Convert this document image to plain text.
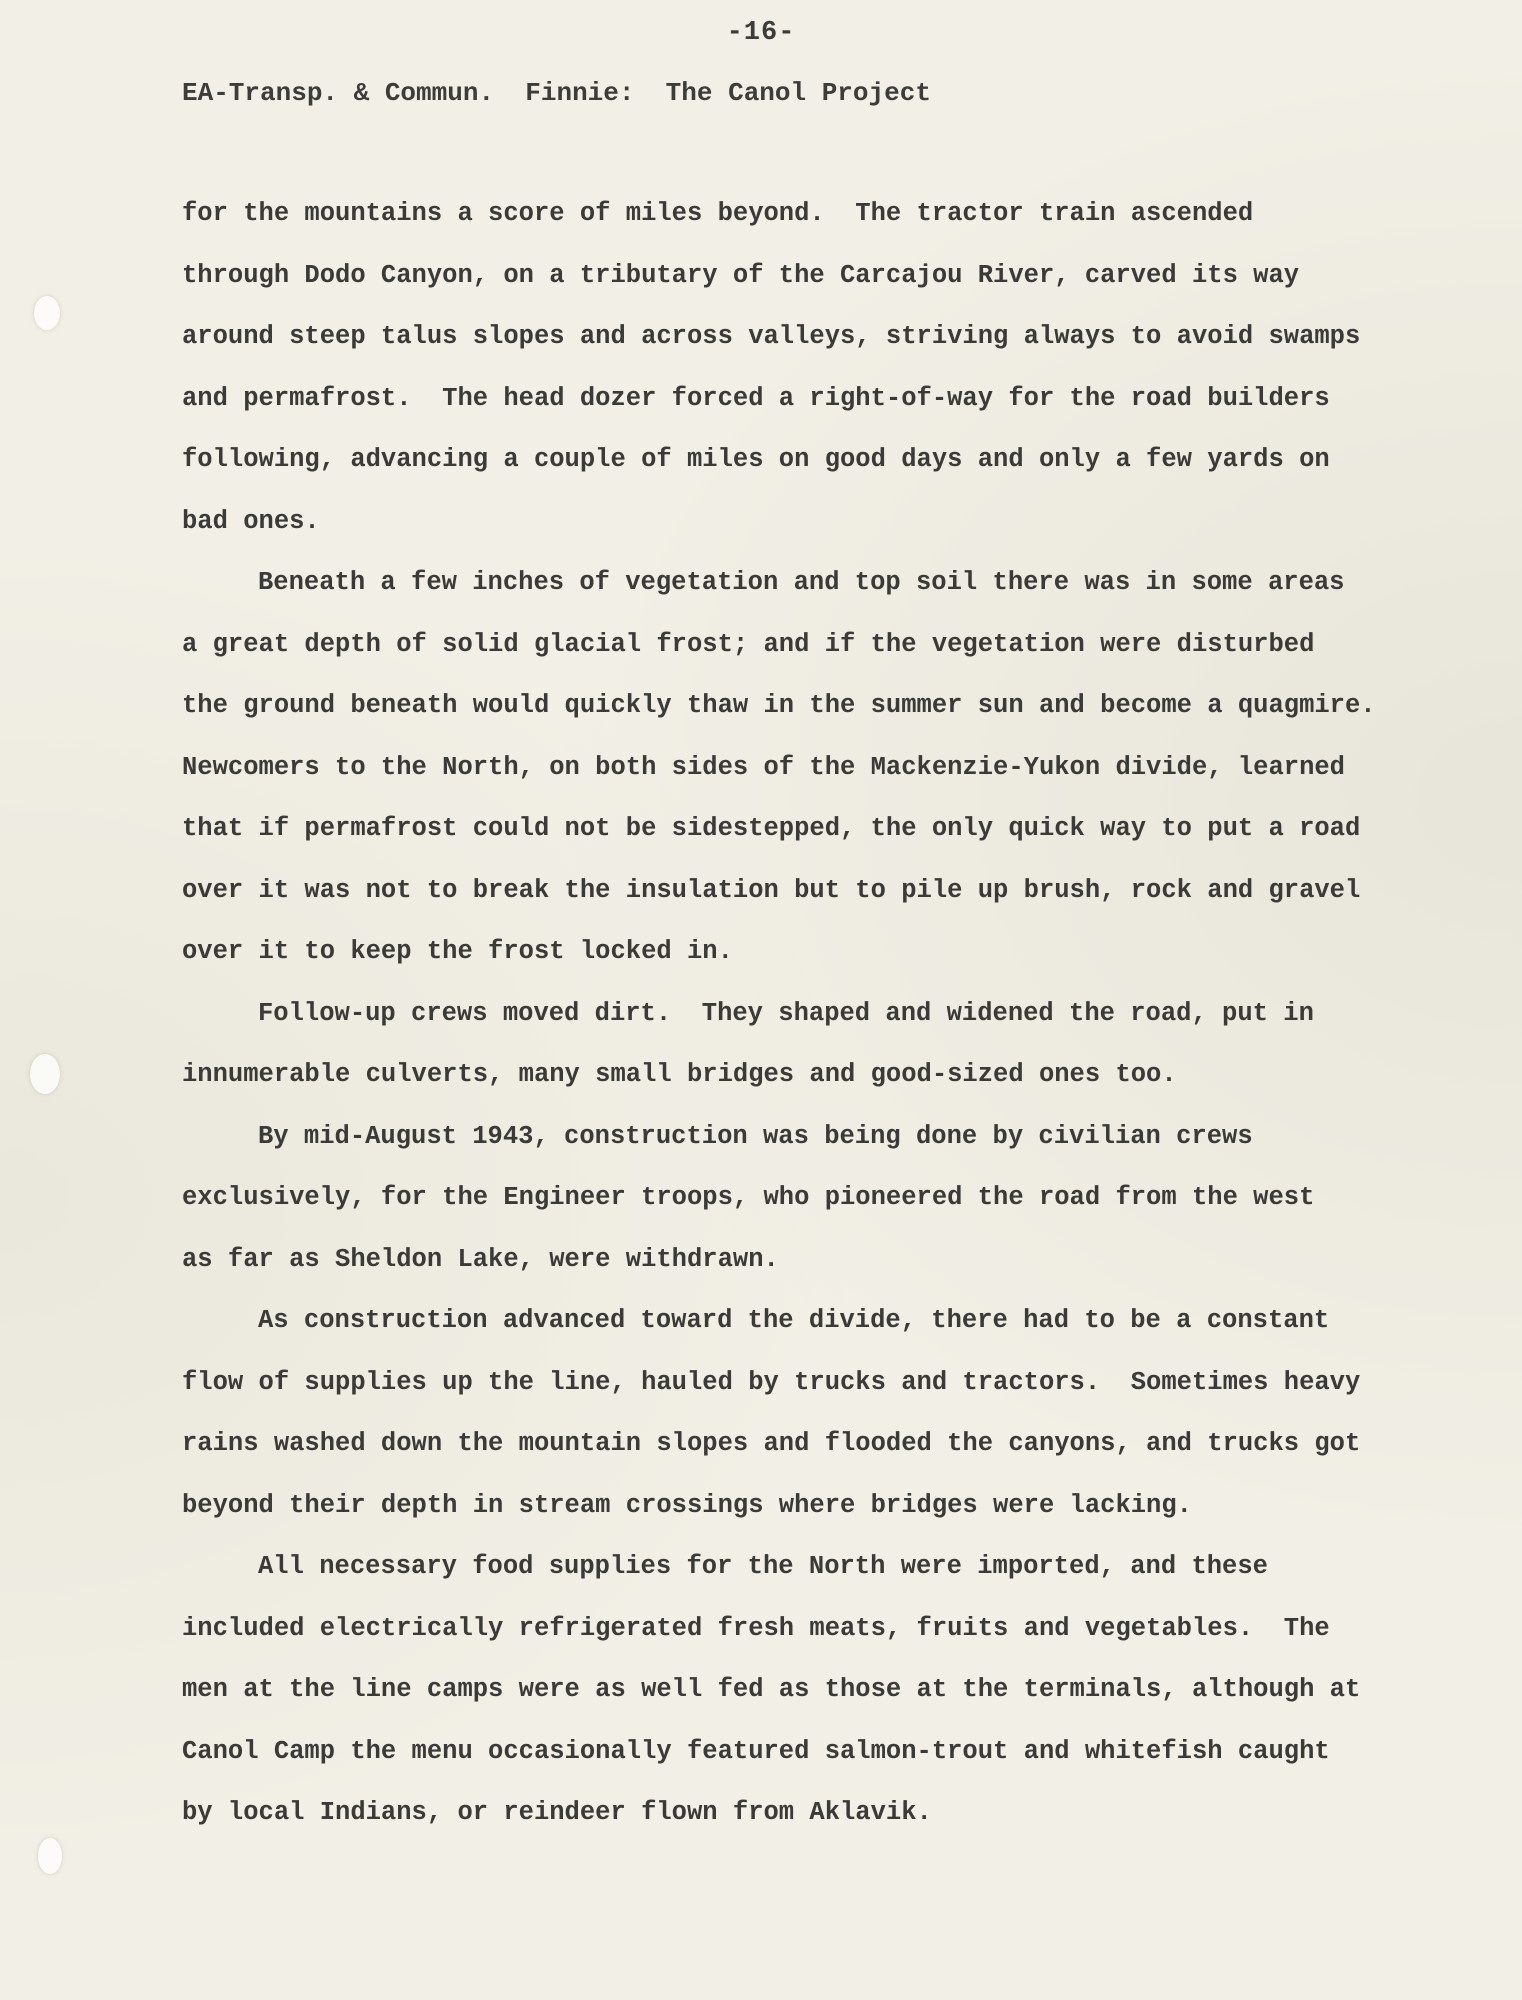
-16-
EA-Transp. & Commun.  Finnie:  The Canol Project
for the mountains a score of miles beyond.  The tractor train ascended
through Dodo Canyon, on a tributary of the Carcajou River, carved its way
around steep talus slopes and across valleys, striving always to avoid swamps
and permafrost.  The head dozer forced a right-of-way for the road builders
following, advancing a couple of miles on good days and only a few yards on
bad ones.
Beneath a few inches of vegetation and top soil there was in some areas
a great depth of solid glacial frost; and if the vegetation were disturbed
the ground beneath would quickly thaw in the summer sun and become a quagmire.
Newcomers to the North, on both sides of the Mackenzie-Yukon divide, learned
that if permafrost could not be sidestepped, the only quick way to put a road
over it was not to break the insulation but to pile up brush, rock and gravel
over it to keep the frost locked in.
Follow-up crews moved dirt.  They shaped and widened the road, put in
innumerable culverts, many small bridges and good-sized ones too.
By mid-August 1943, construction was being done by civilian crews
exclusively, for the Engineer troops, who pioneered the road from the west
as far as Sheldon Lake, were withdrawn.
As construction advanced toward the divide, there had to be a constant
flow of supplies up the line, hauled by trucks and tractors.  Sometimes heavy
rains washed down the mountain slopes and flooded the canyons, and trucks got
beyond their depth in stream crossings where bridges were lacking.
All necessary food supplies for the North were imported, and these
included electrically refrigerated fresh meats, fruits and vegetables.  The
men at the line camps were as well fed as those at the terminals, although at
Canol Camp the menu occasionally featured salmon-trout and whitefish caught
by local Indians, or reindeer flown from Aklavik.
